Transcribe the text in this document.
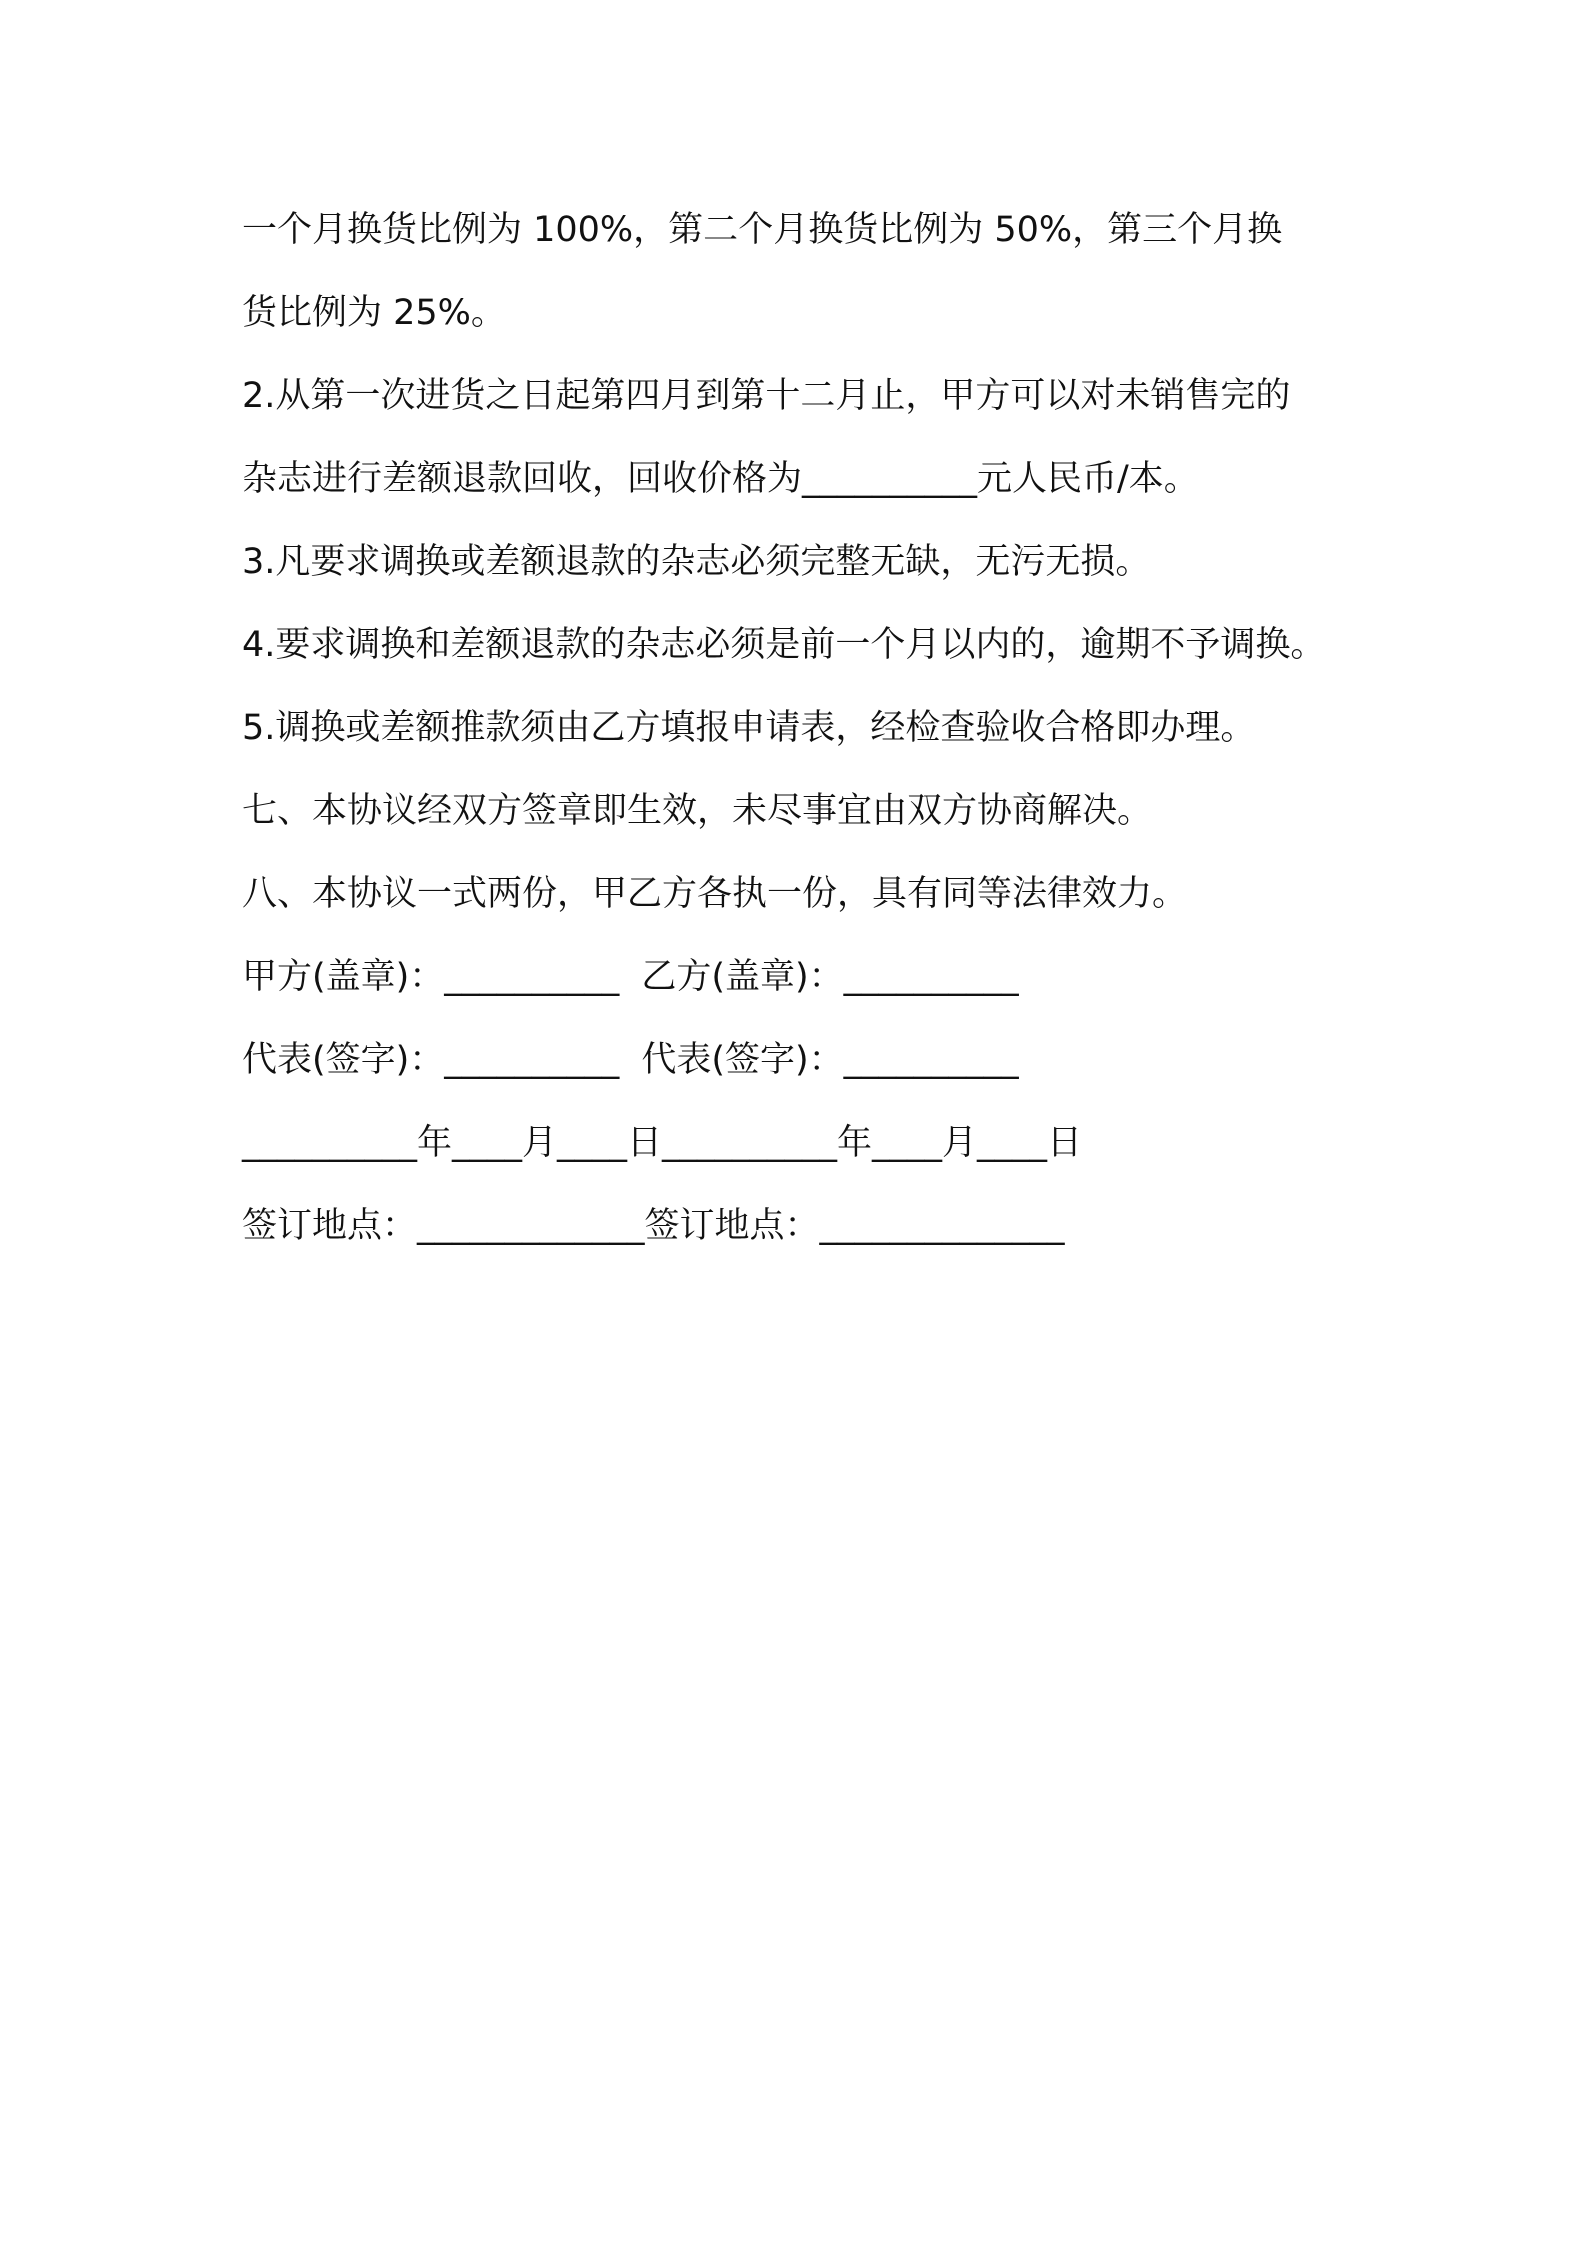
一个月换货比例为 100%，第二个月换货比例为 50%，第三个月换
货比例为 25%。
2.从第一次进货之日起第四月到第十二月止，甲方可以对未销售完的
杂志进行差额退款回收，回收价格为__________元人民币/本。
3.凡要求调换或差额退款的杂志必须完整无缺，无污无损。
4.要求调换和差额退款的杂志必须是前一个月以内的，逾期不予调换。
5.调换或差额推款须由乙方填报申请表，经检查验收合格即办理。
七、本协议经双方签章即生效，未尽事宜由双方协商解决。
八、本协议一式两份，甲乙方各执一份，具有同等法律效力。
甲方(盖章)：__________ 乙方(盖章)：__________
代表(签字)：__________ 代表(签字)：__________
__________年____月____日__________年____月____日
签订地点：_____________签订地点：______________
